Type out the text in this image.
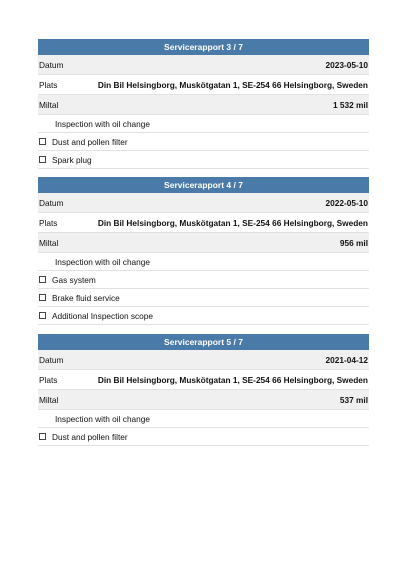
Servicerapport 3 / 7
Datum	2023-05-10
Plats	Din Bil Helsingborg, Muskötgatan 1, SE-254 66 Helsingborg, Sweden
Miltal	1 532 mil
Inspection with oil change
Dust and pollen filter
Spark plug
Servicerapport 4 / 7
Datum	2022-05-10
Plats	Din Bil Helsingborg, Muskötgatan 1, SE-254 66 Helsingborg, Sweden
Miltal	956 mil
Inspection with oil change
Gas system
Brake fluid service
Additional Inspection scope
Servicerapport 5 / 7
Datum	2021-04-12
Plats	Din Bil Helsingborg, Muskötgatan 1, SE-254 66 Helsingborg, Sweden
Miltal	537 mil
Inspection with oil change
Dust and pollen filter
